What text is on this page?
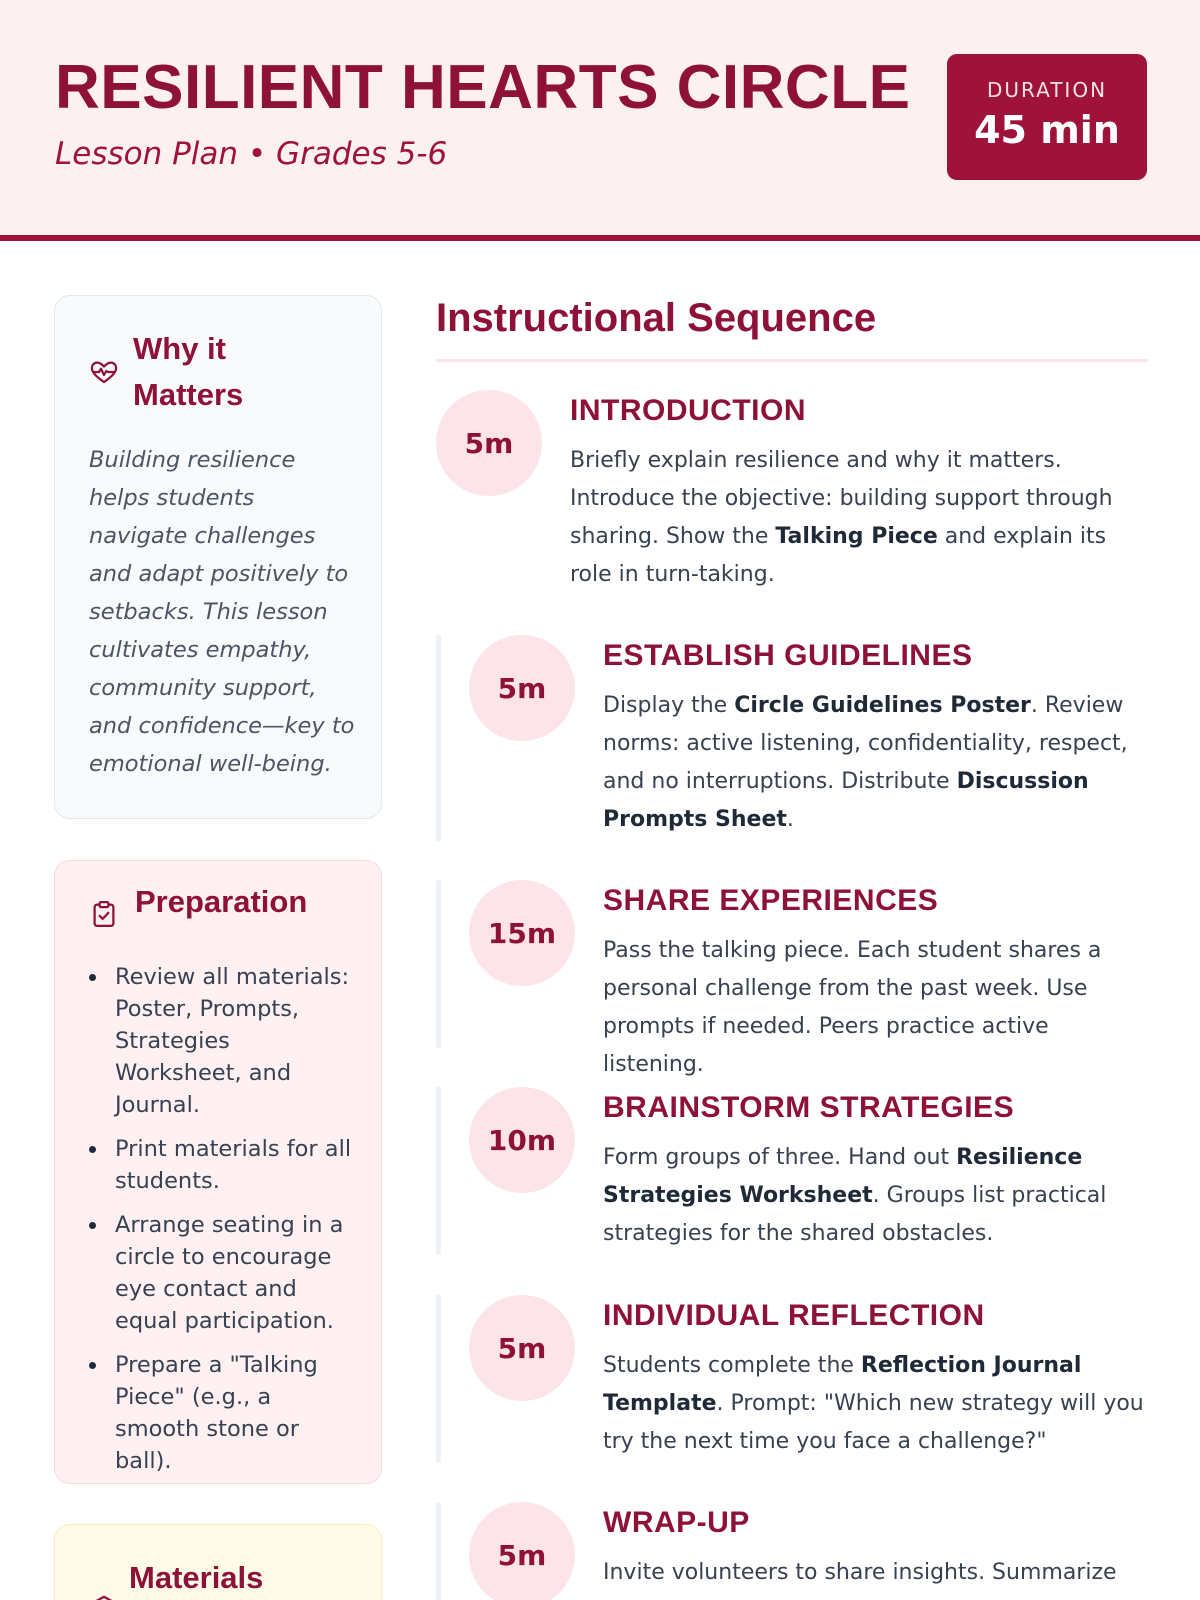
RESILIENT HEARTS CIRCLE
Lesson Plan • Grades 5-6
DURATION
45 min
Why it Matters
Building resilience helps students navigate challenges and adapt positively to setbacks. This lesson cultivates empathy, community support, and confidence—key to emotional well-being.
Preparation
Review all materials: Poster, Prompts, Strategies Worksheet, and Journal.
Print materials for all students.
Arrange seating in a circle to encourage eye contact and equal participation.
Prepare a "Talking Piece" (e.g., a smooth stone or ball).
Materials
Instructional Sequence
5m
INTRODUCTION
Briefly explain resilience and why it matters. Introduce the objective: building support through sharing. Show the Talking Piece and explain its role in turn-taking.
5m
ESTABLISH GUIDELINES
Display the Circle Guidelines Poster. Review norms: active listening, confidentiality, respect, and no interruptions. Distribute Discussion Prompts Sheet.
15m
SHARE EXPERIENCES
Pass the talking piece. Each student shares a personal challenge from the past week. Use prompts if needed. Peers practice active listening.
10m
BRAINSTORM STRATEGIES
Form groups of three. Hand out Resilience Strategies Worksheet. Groups list practical strategies for the shared obstacles.
5m
INDIVIDUAL REFLECTION
Students complete the Reflection Journal Template. Prompt: "Which new strategy will you try the next time you face a challenge?"
5m
WRAP-UP
Invite volunteers to share insights. Summarize
